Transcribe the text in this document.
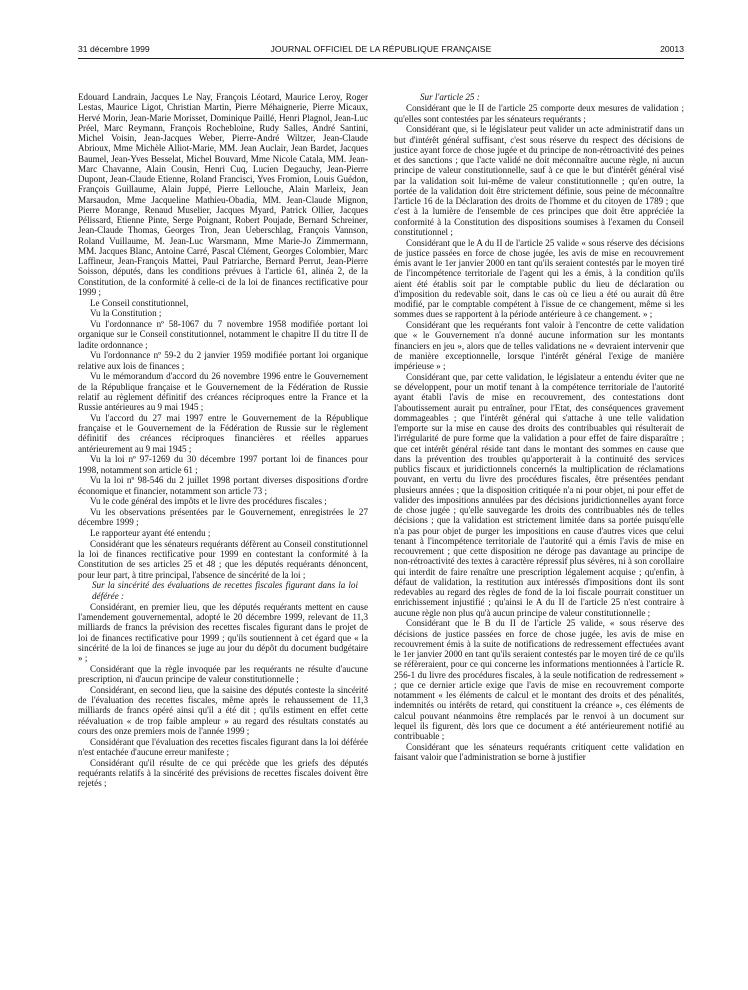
31 décembre 1999	JOURNAL OFFICIEL DE LA RÉPUBLIQUE FRANÇAISE	20013

Edouard Landrain, Jacques Le Nay, François Léotard, Maurice Leroy, Roger Lestas, Maurice Ligot, Christian Martin, Pierre Méhaignerie, Pierre Micaux, Hervé Morin, Jean-Marie Morisset, Dominique Paillé, Henri Plagnol, Jean-Luc Préel, Marc Reymann, François Rochebloine, Rudy Salles, André Santini, Michel Voisin, Jean-Jacques Weber, Pierre-André Wiltzer, Jean-Claude Abrioux, Mme Michèle Alliot-Marie, MM. Jean Auclair, Jean Bardet, Jacques Baumel, Jean-Yves Besselat, Michel Bouvard, Mme Nicole Catala, MM. Jean-Marc Chavanne, Alain Cousin, Henri Cuq, Lucien Degauchy, Jean-Pierre Dupont, Jean-Claude Etienne, Roland Francisci, Yves Fromion, Louis Guédon, François Guillaume, Alain Juppé, Pierre Lellouche, Alain Marleix, Jean Marsaudon, Mme Jacqueline Mathieu-Obadia, MM. Jean-Claude Mignon, Pierre Morange, Renaud Muselier, Jacques Myard, Patrick Ollier, Jacques Pélissard, Etienne Pinte, Serge Poignant, Robert Poujade, Bernard Schreiner, Jean-Claude Thomas, Georges Tron, Jean Ueberschlag, François Vannson, Roland Vuillaume, M. Jean-Luc Warsmann, Mme Marie-Jo Zimmermann, MM. Jacques Blanc, Antoine Carré, Pascal Clément, Georges Colombier, Marc Laffineur, Jean-François Mattei, Paul Patriarche, Bernard Perrut, Jean-Pierre Soisson, députés, dans les conditions prévues à l'article 61, alinéa 2, de la Constitution, de la conformité à celle-ci de la loi de finances rectificative pour 1999 ;

Le Conseil constitutionnel,

Vu la Constitution ;

Vu l'ordonnance nº 58-1067 du 7 novembre 1958 modifiée portant loi organique sur le Conseil constitutionnel, notamment le chapitre II du titre II de ladite ordonnance ;

Vu l'ordonnance nº 59-2 du 2 janvier 1959 modifiée portant loi organique relative aux lois de finances ;

Vu le mémorandum d'accord du 26 novembre 1996 entre le Gouvernement de la République française et le Gouvernement de la Fédération de Russie relatif au règlement définitif des créances réciproques entre la France et la Russie antérieures au 9 mai 1945 ;

Vu l'accord du 27 mai 1997 entre le Gouvernement de la République française et le Gouvernement de la Fédération de Russie sur le règlement définitif des créances réciproques financières et réelles apparues antérieurement au 9 mai 1945 ;

Vu la loi nº 97-1269 du 30 décembre 1997 portant loi de finances pour 1998, notamment son article 61 ;

Vu la loi nº 98-546 du 2 juillet 1998 portant diverses dispositions d'ordre économique et financier, notamment son article 73 ;

Vu le code général des impôts et le livre des procédures fiscales ;

Vu les observations présentées par le Gouvernement, enregistrées le 27 décembre 1999 ;

Le rapporteur ayant été entendu ;

Considérant que les sénateurs requérants défèrent au Conseil constitutionnel la loi de finances rectificative pour 1999 en contestant la conformité à la Constitution de ses articles 25 et 48 ; que les députés requérants dénoncent, pour leur part, à titre principal, l'absence de sincérité de la loi ;

Sur la sincérité des évaluations de recettes fiscales figurant dans la loi déférée :

Considérant, en premier lieu, que les députés requérants mettent en cause l'amendement gouvernemental, adopté le 20 décembre 1999, relevant de 11,3 milliards de francs la prévision des recettes fiscales figurant dans le projet de loi de finances rectificative pour 1999 ; qu'ils soutiennent à cet égard que « la sincérité de la loi de finances se juge au jour du dépôt du document budgétaire » ;

Considérant que la règle invoquée par les requérants ne résulte d'aucune prescription, ni d'aucun principe de valeur constitutionnelle ;

Considérant, en second lieu, que la saisine des députés conteste la sincérité de l'évaluation des recettes fiscales, même après le rehaussement de 11,3 milliards de francs opéré ainsi qu'il a été dit ; qu'ils estiment en effet cette réévaluation « de trop faible ampleur » au regard des résultats constatés au cours des onze premiers mois de l'année 1999 ;

Considérant que l'évaluation des recettes fiscales figurant dans la loi déférée n'est entachée d'aucune erreur manifeste ;

Considérant qu'il résulte de ce qui précède que les griefs des députés requérants relatifs à la sincérité des prévisions de recettes fiscales doivent être rejetés ;

Sur l'article 25 :

Considérant que le II de l'article 25 comporte deux mesures de validation ; qu'elles sont contestées par les sénateurs requérants ;

Considérant que, si le législateur peut valider un acte administratif dans un but d'intérêt général suffisant, c'est sous réserve du respect des décisions de justice ayant force de chose jugée et du principe de non-rétroactivité des peines et des sanctions ; que l'acte validé ne doit méconnaître aucune règle, ni aucun principe de valeur constitutionnelle, sauf à ce que le but d'intérêt général visé par la validation soit lui-même de valeur constitutionnelle ; qu'en outre, la portée de la validation doit être strictement définie, sous peine de méconnaître l'article 16 de la Déclaration des droits de l'homme et du citoyen de 1789 ; que c'est à la lumière de l'ensemble de ces principes que doit être appréciée la conformité à la Constitution des dispositions soumises à l'examen du Conseil constitutionnel ;

Considérant que le A du II de l'article 25 valide « sous réserve des décisions de justice passées en force de chose jugée, les avis de mise en recouvrement émis avant le 1er janvier 2000 en tant qu'ils seraient contestés par le moyen tiré de l'incompétence territoriale de l'agent qui les a émis, à la condition qu'ils aient été établis soit par le comptable public du lieu de déclaration ou d'imposition du redevable soit, dans le cas où ce lieu a été ou aurait dû être modifié, par le comptable compétent à l'issue de ce changement, même si les sommes dues se rapportent à la période antérieure à ce changement. » ;

Considérant que les requérants font valoir à l'encontre de cette validation que « le Gouvernement n'a donné aucune information sur les montants financiers en jeu », alors que de telles validations ne « devraient intervenir que de manière exceptionnelle, lorsque l'intérêt général l'exige de manière impérieuse » ;

Considérant que, par cette validation, le législateur a entendu éviter que ne se développent, pour un motif tenant à la compétence territoriale de l'autorité ayant établi l'avis de mise en recouvrement, des contestations dont l'aboutissement aurait pu entraîner, pour l'Etat, des conséquences gravement dommageables ; que l'intérêt général qui s'attache à une telle validation l'emporte sur la mise en cause des droits des contribuables qui résulterait de l'irrégularité de pure forme que la validation a pour effet de faire disparaître ; que cet intérêt général réside tant dans le montant des sommes en cause que dans la prévention des troubles qu'apporterait à la continuité des services publics fiscaux et juridictionnels concernés la multiplication de réclamations pouvant, en vertu du livre des procédures fiscales, être présentées pendant plusieurs années ; que la disposition critiquée n'a ni pour objet, ni pour effet de valider des impositions annulées par des décisions juridictionnelles ayant force de chose jugée ; qu'elle sauvegarde les droits des contribuables nés de telles décisions ; que la validation est strictement limitée dans sa portée puisqu'elle n'a pas pour objet de purger les impositions en cause d'autres vices que celui tenant à l'incompétence territoriale de l'autorité qui a émis l'avis de mise en recouvrement ; que cette disposition ne déroge pas davantage au principe de non-rétroactivité des textes à caractère répressif plus sévères, ni à son corollaire qui interdit de faire renaître une prescription légalement acquise ; qu'enfin, à défaut de validation, la restitution aux intéressés d'impositions dont ils sont redevables au regard des règles de fond de la loi fiscale pourrait constituer un enrichissement injustifié ; qu'ainsi le A du II de l'article 25 n'est contraire à aucune règle non plus qu'à aucun principe de valeur constitutionnelle ;

Considérant que le B du II de l'article 25 valide, « sous réserve des décisions de justice passées en force de chose jugée, les avis de mise en recouvrement émis à la suite de notifications de redressement effectuées avant le 1er janvier 2000 en tant qu'ils seraient contestés par le moyen tiré de ce qu'ils se réfèreraient, pour ce qui concerne les informations mentionnées à l'article R. 256-1 du livre des procédures fiscales, à la seule notification de redressement » ; que ce dernier article exige que l'avis de mise en recouvrement comporte notamment « les éléments de calcul et le montant des droits et des pénalités, indemnités ou intérêts de retard, qui constituent la créance », ces éléments de calcul pouvant néanmoins être remplacés par le renvoi à un document sur lequel ils figurent, dès lors que ce document a été antérieurement notifié au contribuable ;

Considérant que les sénateurs requérants critiquent cette validation en faisant valoir que l'administration se borne à justifier
